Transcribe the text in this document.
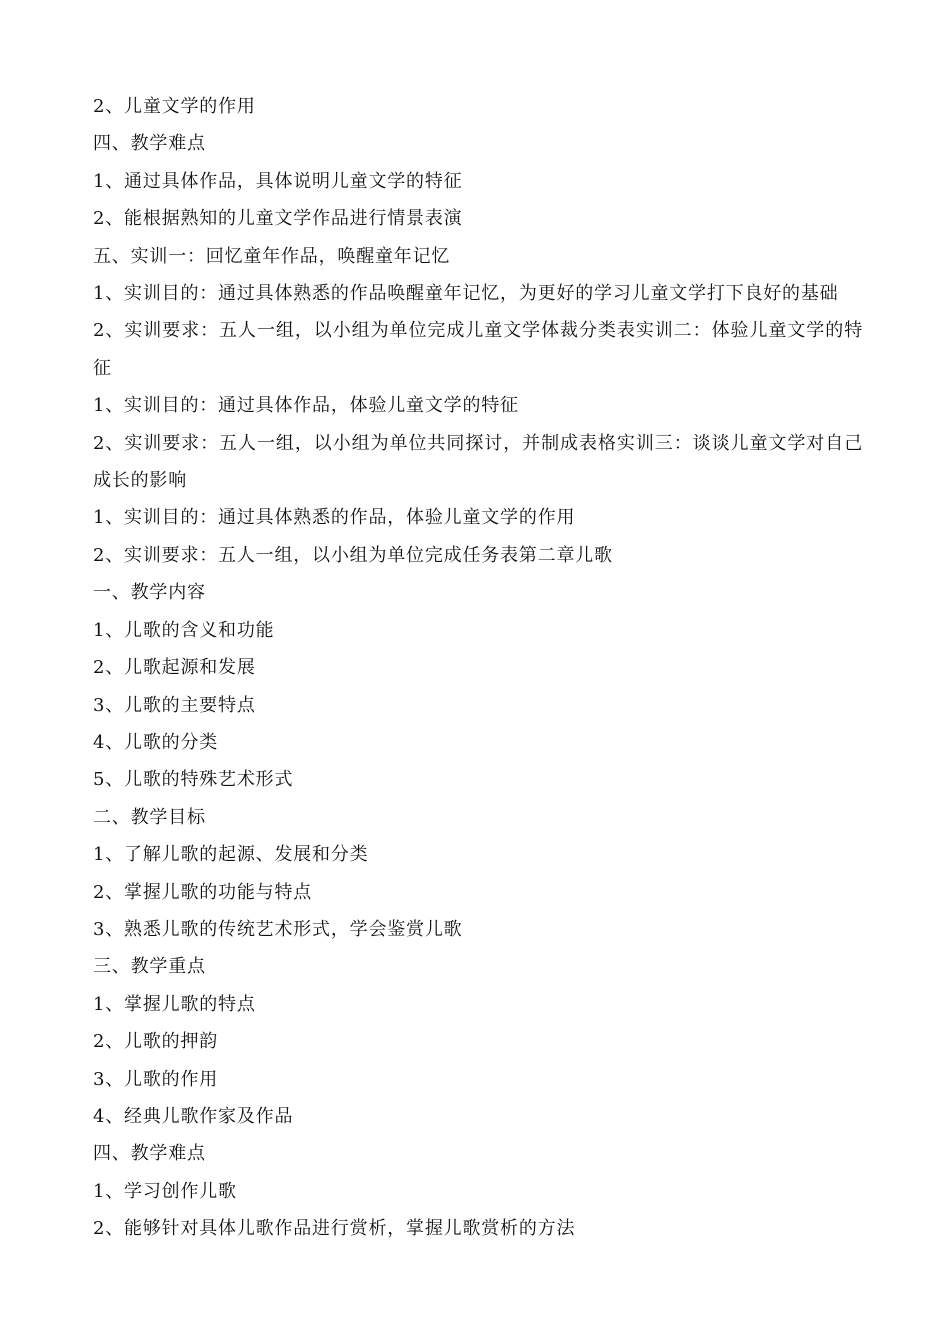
2、儿童文学的作用
四、教学难点
1、通过具体作品，具体说明儿童文学的特征
2、能根据熟知的儿童文学作品进行情景表演
五、实训一：回忆童年作品，唤醒童年记忆
1、实训目的：通过具体熟悉的作品唤醒童年记忆，为更好的学习儿童文学打下良好的基础
2、实训要求：五人一组，以小组为单位完成儿童文学体裁分类表实训二：体验儿童文学的特征
1、实训目的：通过具体作品，体验儿童文学的特征
2、实训要求：五人一组，以小组为单位共同探讨，并制成表格实训三：谈谈儿童文学对自己成长的影响
1、实训目的：通过具体熟悉的作品，体验儿童文学的作用
2、实训要求：五人一组，以小组为单位完成任务表第二章儿歌
一、教学内容
1、儿歌的含义和功能
2、儿歌起源和发展
3、儿歌的主要特点
4、儿歌的分类
5、儿歌的特殊艺术形式
二、教学目标
1、了解儿歌的起源、发展和分类
2、掌握儿歌的功能与特点
3、熟悉儿歌的传统艺术形式，学会鉴赏儿歌
三、教学重点
1、掌握儿歌的特点
2、儿歌的押韵
3、儿歌的作用
4、经典儿歌作家及作品
四、教学难点
1、学习创作儿歌
2、能够针对具体儿歌作品进行赏析，掌握儿歌赏析的方法
